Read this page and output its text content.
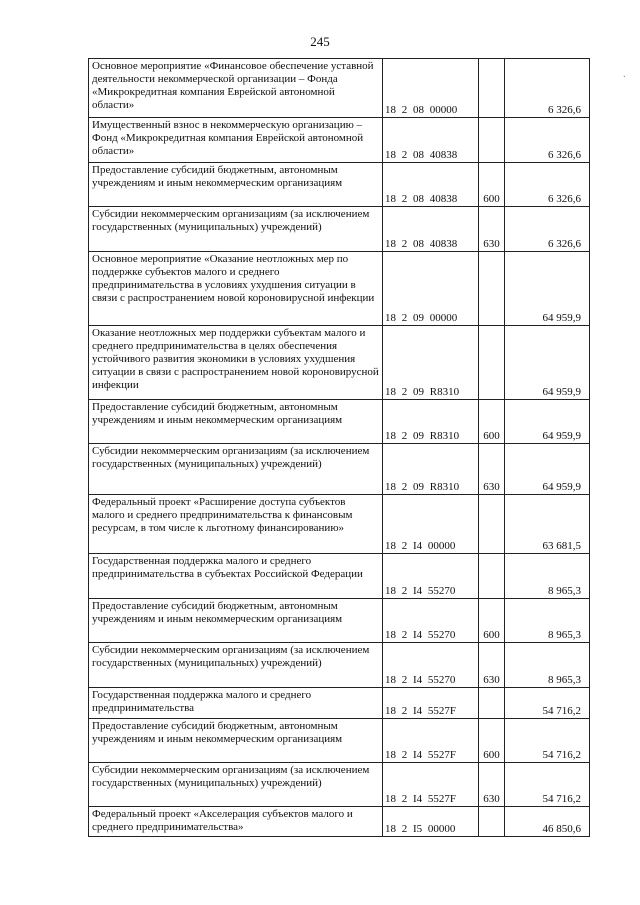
245
·
Основное мероприятие «Финансовое обеспечение уставной деятельности некоммерческой организации – Фонда «Микрокредитная компания Еврейской автономной области»	18 2 08 00000		6 326,6
Имущественный взнос в некоммерческую организацию – Фонд «Микрокредитная компания Еврейской автономной области»	18 2 08 40838		6 326,6
Предоставление субсидий бюджетным, автономным учреждениям и иным некоммерческим организациям	18 2 08 40838	600	6 326,6
Субсидии некоммерческим организациям (за исключением государственных (муниципальных) учреждений)	18 2 08 40838	630	6 326,6
Основное мероприятие «Оказание неотложных мер по поддержке субъектов малого и среднего предпринимательства в условиях ухудшения ситуации в связи с распространением новой короновирусной инфекции	18 2 09 00000		64 959,9
Оказание неотложных мер поддержки субъектам малого и среднего предпринимательства в целях обеспечения устойчивого развития экономики в условиях ухудшения ситуации в связи с распространением новой короновирусной инфекции	18 2 09 R8310		64 959,9
Предоставление субсидий бюджетным, автономным учреждениям и иным некоммерческим организациям	18 2 09 R8310	600	64 959,9
Субсидии некоммерческим организациям (за исключением государственных (муниципальных) учреждений)	18 2 09 R8310	630	64 959,9
Федеральный проект «Расширение доступа субъектов малого и среднего предпринимательства к финансовым ресурсам, в том числе к льготному финансированию»	18 2 I4 00000		63 681,5
Государственная поддержка малого и среднего предпринимательства в субъектах Российской Федерации	18 2 I4 55270		8 965,3
Предоставление субсидий бюджетным, автономным учреждениям и иным некоммерческим организациям	18 2 I4 55270	600	8 965,3
Субсидии некоммерческим организациям (за исключением государственных (муниципальных) учреждений)	18 2 I4 55270	630	8 965,3
Государственная поддержка малого и среднего предпринимательства	18 2 I4 5527F		54 716,2
Предоставление субсидий бюджетным, автономным учреждениям и иным некоммерческим организациям	18 2 I4 5527F	600	54 716,2
Субсидии некоммерческим организациям (за исключением государственных (муниципальных) учреждений)	18 2 I4 5527F	630	54 716,2
Федеральный проект «Акселерация субъектов малого и среднего предпринимательства»	18 2 I5 00000		46 850,6
